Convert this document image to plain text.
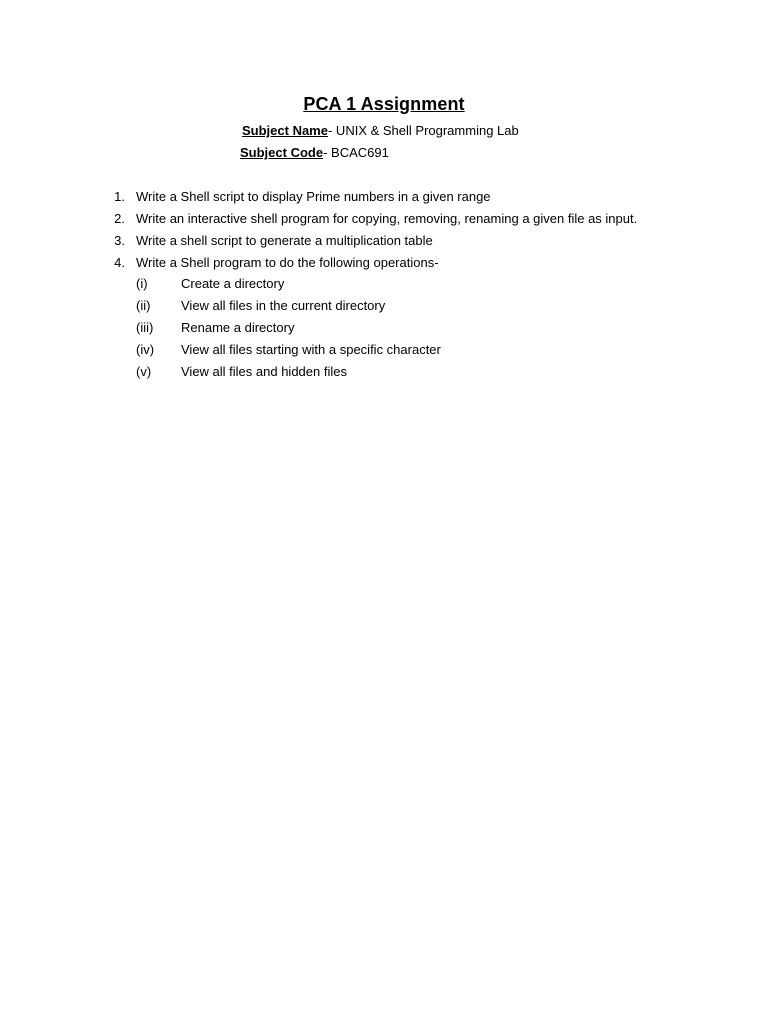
PCA 1 Assignment
Subject Name- UNIX & Shell Programming Lab
Subject Code- BCAC691
1. Write a Shell script to display Prime numbers in a given range
2. Write an interactive shell program for copying, removing, renaming a given file as input.
3. Write a shell script to generate a multiplication table
4. Write a Shell program to do the following operations-
(i)	Create a directory
(ii) View all files in the current directory
(iii) Rename a directory
(iv) View all files starting with a specific character
(v) View all files and hidden files
